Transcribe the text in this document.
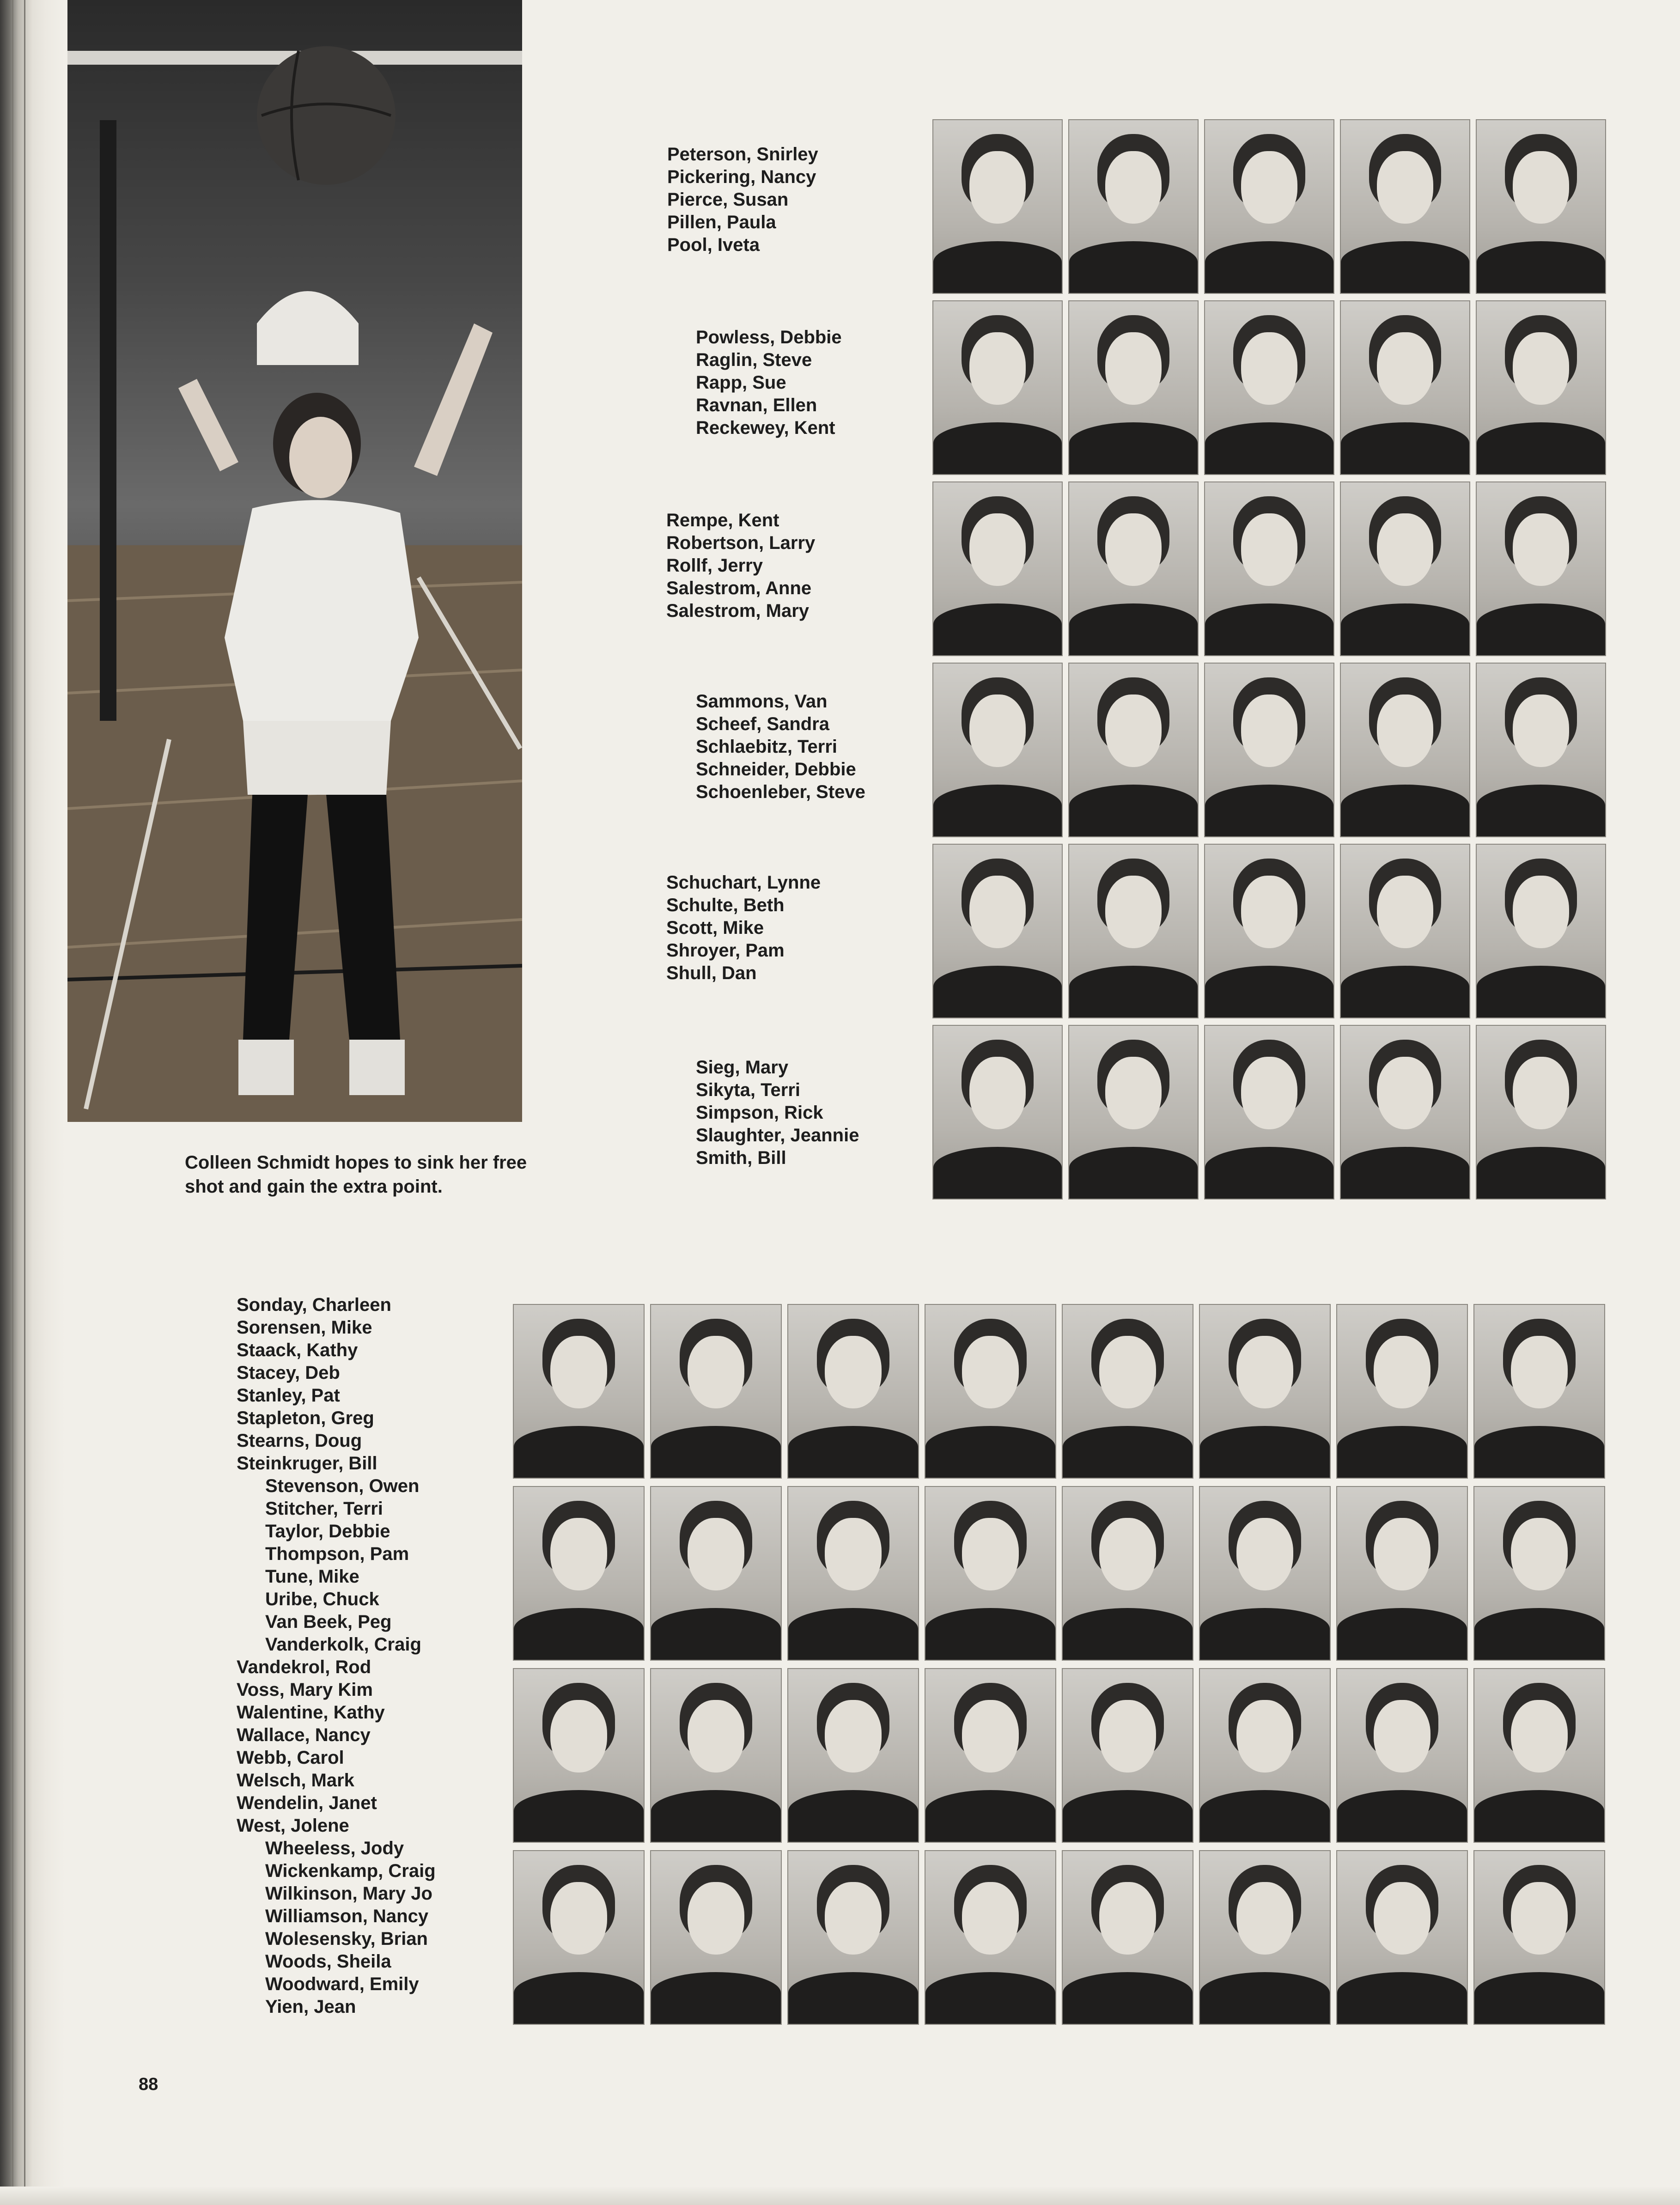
Colleen Schmidt hopes to sink her free shot and gain the extra point.
Peterson, Snirley
Pickering, Nancy
Pierce, Susan
Pillen, Paula
Pool, Iveta
Powless, Debbie
Raglin, Steve
Rapp, Sue
Ravnan, Ellen
Reckewey, Kent
Rempe, Kent
Robertson, Larry
Rollf, Jerry
Salestrom, Anne
Salestrom, Mary
Sammons, Van
Scheef, Sandra
Schlaebitz, Terri
Schneider, Debbie
Schoenleber, Steve
Schuchart, Lynne
Schulte, Beth
Scott, Mike
Shroyer, Pam
Shull, Dan
Sieg, Mary
Sikyta, Terri
Simpson, Rick
Slaughter, Jeannie
Smith, Bill
Sonday, Charleen
Sorensen, Mike
Staack, Kathy
Stacey, Deb
Stanley, Pat
Stapleton, Greg
Stearns, Doug
Steinkruger, Bill
Stevenson, Owen
Stitcher, Terri
Taylor, Debbie
Thompson, Pam
Tune, Mike
Uribe, Chuck
Van Beek, Peg
Vanderkolk, Craig
Vandekrol, Rod
Voss, Mary Kim
Walentine, Kathy
Wallace, Nancy
Webb, Carol
Welsch, Mark
Wendelin, Janet
West, Jolene
Wheeless, Jody
Wickenkamp, Craig
Wilkinson, Mary Jo
Williamson, Nancy
Wolesensky, Brian
Woods, Sheila
Woodward, Emily
Yien, Jean
88
